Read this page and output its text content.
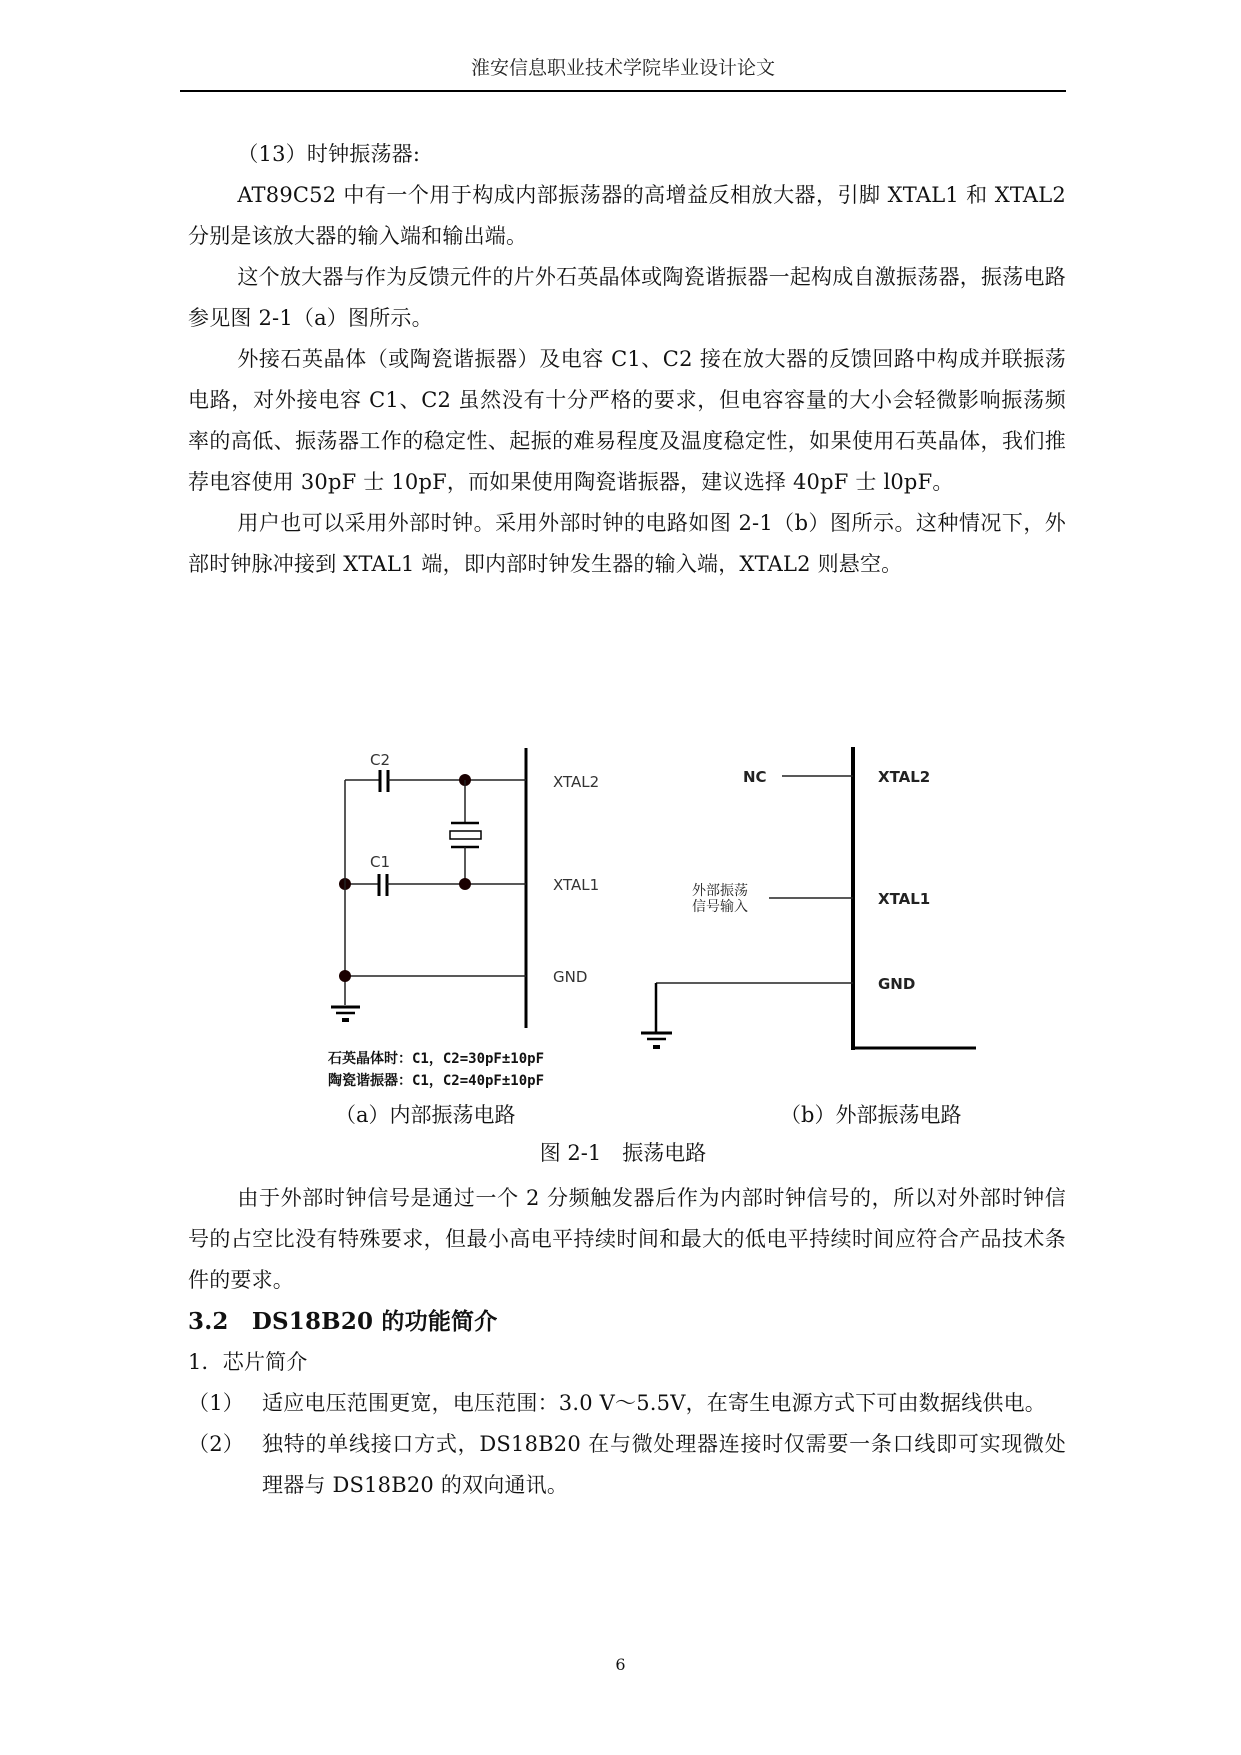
淮安信息职业技术学院毕业设计论文

（13）时钟振荡器:

AT89C52 中有一个用于构成内部振荡器的高增益反相放大器，引脚 XTAL1 和 XTAL2 分别是该放大器的输入端和输出端。

这个放大器与作为反馈元件的片外石英晶体或陶瓷谐振器一起构成自激振荡器，振荡电路参见图 2-1（a）图所示。

外接石英晶体（或陶瓷谐振器）及电容 C1、C2 接在放大器的反馈回路中构成并联振荡电路，对外接电容 C1、C2 虽然没有十分严格的要求，但电容容量的大小会轻微影响振荡频率的高低、振荡器工作的稳定性、起振的难易程度及温度稳定性，如果使用石英晶体，我们推荐电容使用 30pF 士 10pF，而如果使用陶瓷谐振器，建议选择 40pF 士 l0pF。

用户也可以采用外部时钟。采用外部时钟的电路如图 2-1（b）图所示。这种情况下，外部时钟脉冲接到 XTAL1 端，即内部时钟发生器的输入端，XTAL2 则悬空。

C2
C1
XTAL2
XTAL1
GND
NC
外部振荡
信号输入
XTAL2
XTAL1
GND
石英晶体时：C1，C2=30pF±10pF
陶瓷谐振器：C1，C2=40pF±10pF
（a）内部振荡电路	（b）外部振荡电路
图 2-1　振荡电路

由于外部时钟信号是通过一个 2 分频触发器后作为内部时钟信号的，所以对外部时钟信号的占空比没有特殊要求，但最小高电平持续时间和最大的低电平持续时间应符合产品技术条件的要求。

3.2　DS18B20 的功能简介

1．芯片简介

（1） 适应电压范围更宽，电压范围：3.0 V～5.5V，在寄生电源方式下可由数据线供电。
（2） 独特的单线接口方式，DS18B20 在与微处理器连接时仅需要一条口线即可实现微处理器与 DS18B20 的双向通讯。
6
